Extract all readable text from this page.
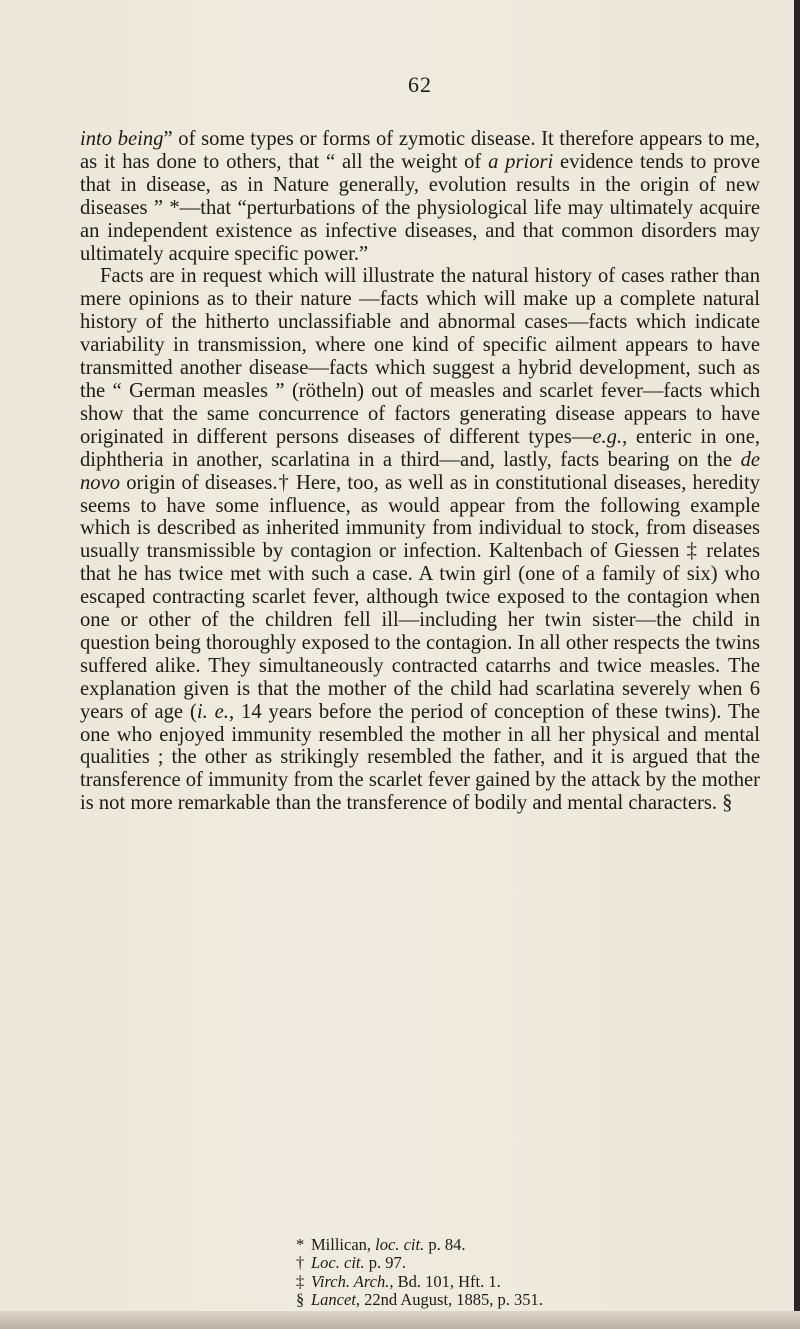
62

into being” of some types or forms of zymotic disease. It therefore appears to me, as it has done to others, that “ all the weight of a priori evidence tends to prove that in disease, as in Nature generally, evolution results in the origin of new diseases ” *—that “perturbations of the physiological life may ultimately acquire an independent existence as infective diseases, and that common disorders may ultimately acquire specific power.”

Facts are in request which will illustrate the natural history of cases rather than mere opinions as to their nature —facts which will make up a complete natural history of the hitherto unclassifiable and abnormal cases—facts which indicate variability in transmission, where one kind of specific ailment appears to have transmitted another disease—facts which suggest a hybrid development, such as the “ German measles ” (rötheln) out of measles and scarlet fever—facts which show that the same concurrence of factors generating disease appears to have originated in different persons diseases of different types—e.g., enteric in one, diphtheria in another, scarlatina in a third—and, lastly, facts bearing on the de novo origin of diseases.† Here, too, as well as in constitutional diseases, heredity seems to have some influence, as would appear from the following example which is described as inherited immunity from individual to stock, from diseases usually transmissible by contagion or infection. Kaltenbach of Giessen ‡ relates that he has twice met with such a case. A twin girl (one of a family of six) who escaped contracting scarlet fever, although twice exposed to the contagion when one or other of the children fell ill—including her twin sister—the child in question being thoroughly exposed to the contagion. In all other respects the twins suffered alike. They simultaneously contracted catarrhs and twice measles. The explanation given is that the mother of the child had scarlatina severely when 6 years of age (i. e., 14 years before the period of conception of these twins). The one who enjoyed immunity resembled the mother in all her physical and mental qualities ; the other as strikingly resembled the father, and it is argued that the transference of immunity from the scarlet fever gained by the attack by the mother is not more remarkable than the transference of bodily and mental characters. §

* Millican, loc. cit. p. 84.
† Loc. cit. p. 97.
‡ Virch. Arch., Bd. 101, Hft. 1.
§ Lancet, 22nd August, 1885, p. 351.
